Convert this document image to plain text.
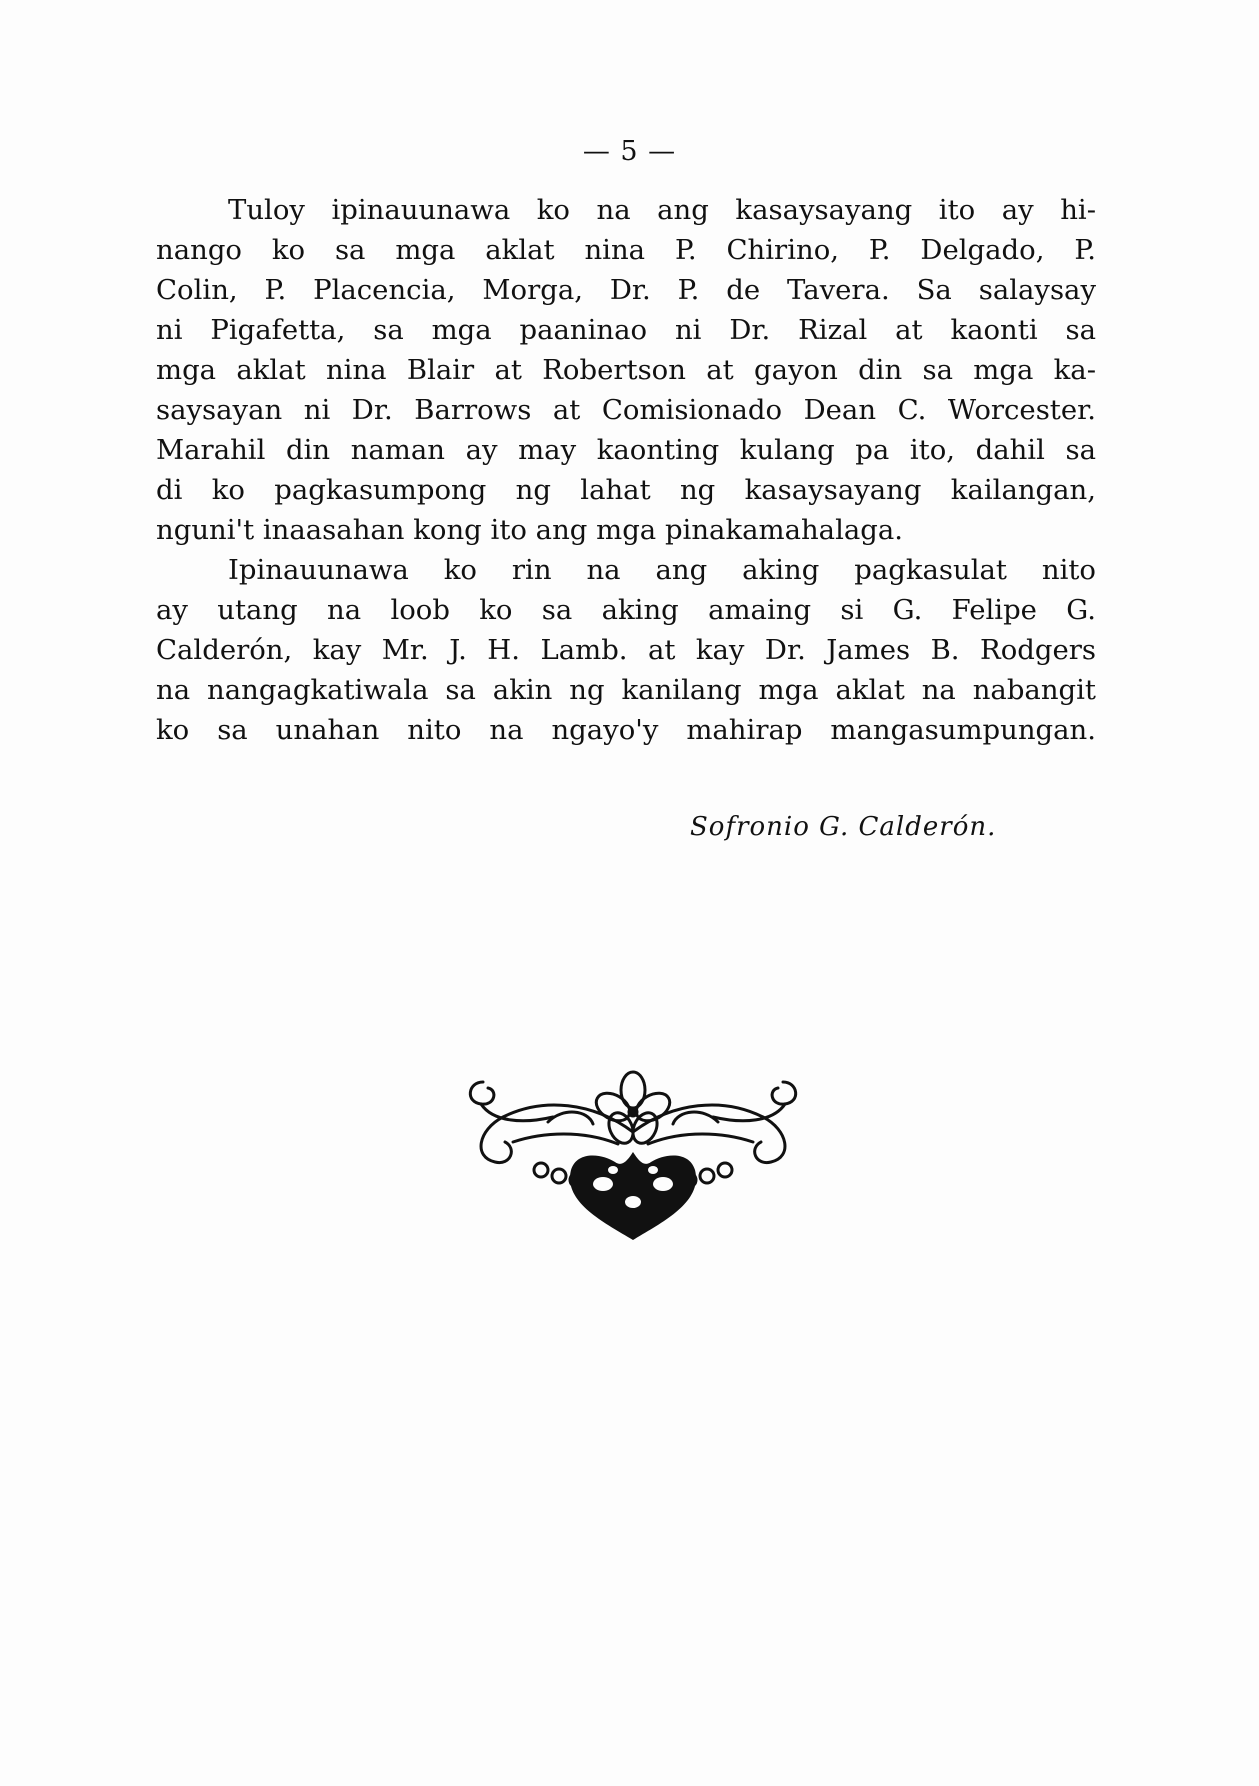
— 5 —
Tuloy ipinauunawa ko na ang kasaysayang ito ay hi-
nango ko sa mga aklat nina P. Chirino, P. Delgado, P.
Colin, P. Placencia, Morga, Dr. P. de Tavera. Sa salaysay
ni Pigafetta, sa mga paaninao ni Dr. Rizal at kaonti sa
mga aklat nina Blair at Robertson at gayon din sa mga ka-
saysayan ni Dr. Barrows at Comisionado Dean C. Worcester.
Marahil din naman ay may kaonting kulang pa ito, dahil sa
di ko pagkasumpong ng lahat ng kasaysayang kailangan,
nguni't inaasahan kong ito ang mga pinakamahalaga.
Ipinauunawa ko rin na ang aking pagkasulat nito
ay utang na loob ko sa aking amaing si G. Felipe G.
Calderón, kay Mr. J. H. Lamb. at kay Dr. James B. Rodgers
na nangagkatiwala sa akin ng kanilang mga aklat na nabangit
ko sa unahan nito na ngayo'y mahirap mangasumpungan.
Sofronio G. Calderón.
